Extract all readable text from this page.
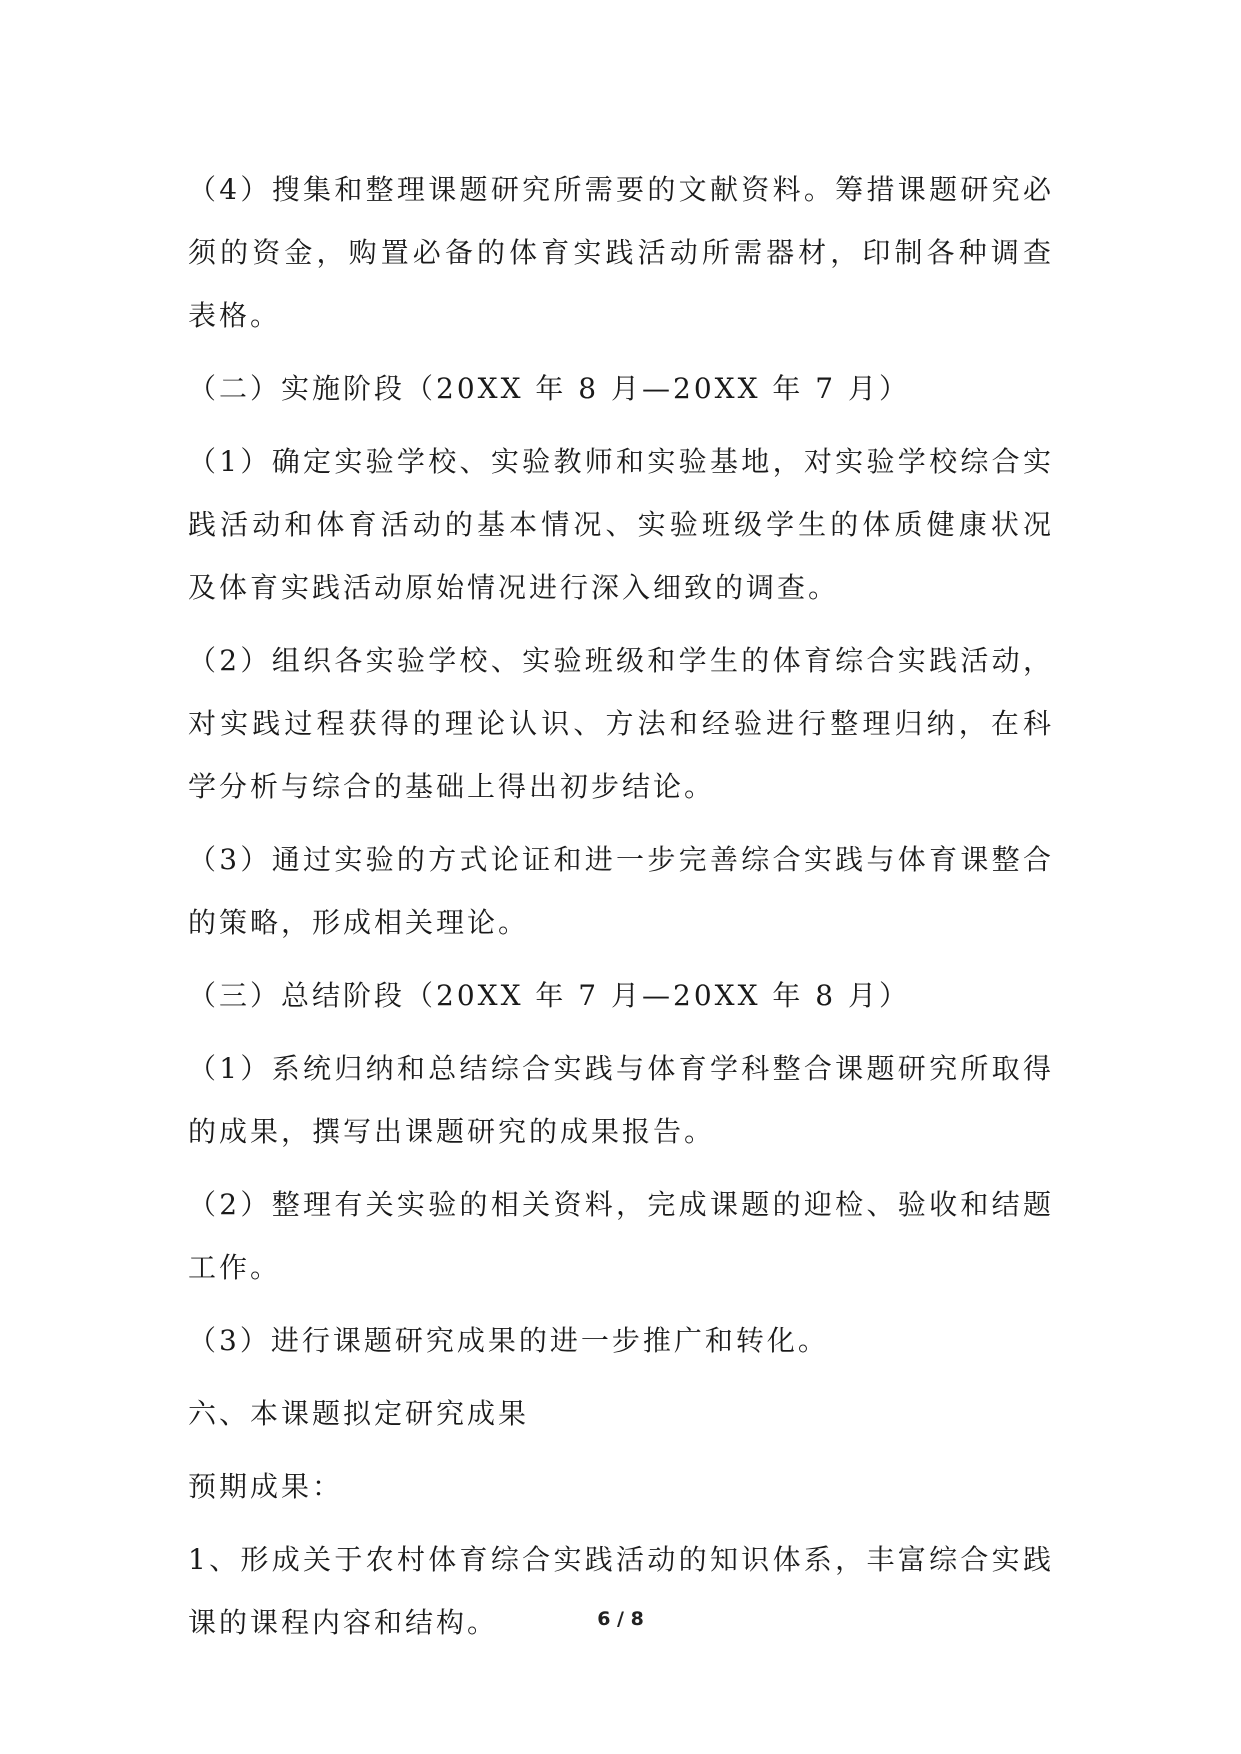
（4）搜集和整理课题研究所需要的文献资料。筹措课题研究必须的资金，购置必备的体育实践活动所需器材，印制各种调查表格。

（二）实施阶段（20XX 年 8 月—20XX 年 7 月）

（1）确定实验学校、实验教师和实验基地，对实验学校综合实践活动和体育活动的基本情况、实验班级学生的体质健康状况及体育实践活动原始情况进行深入细致的调查。

（2）组织各实验学校、实验班级和学生的体育综合实践活动，对实践过程获得的理论认识、方法和经验进行整理归纳，在科学分析与综合的基础上得出初步结论。

（3）通过实验的方式论证和进一步完善综合实践与体育课整合的策略，形成相关理论。

（三）总结阶段（20XX 年 7 月—20XX 年 8 月）

（1）系统归纳和总结综合实践与体育学科整合课题研究所取得的成果，撰写出课题研究的成果报告。

（2）整理有关实验的相关资料，完成课题的迎检、验收和结题工作。

（3）进行课题研究成果的进一步推广和转化。

六、本课题拟定研究成果

预期成果：

1、形成关于农村体育综合实践活动的知识体系，丰富综合实践课的课程内容和结构。	6 / 8
